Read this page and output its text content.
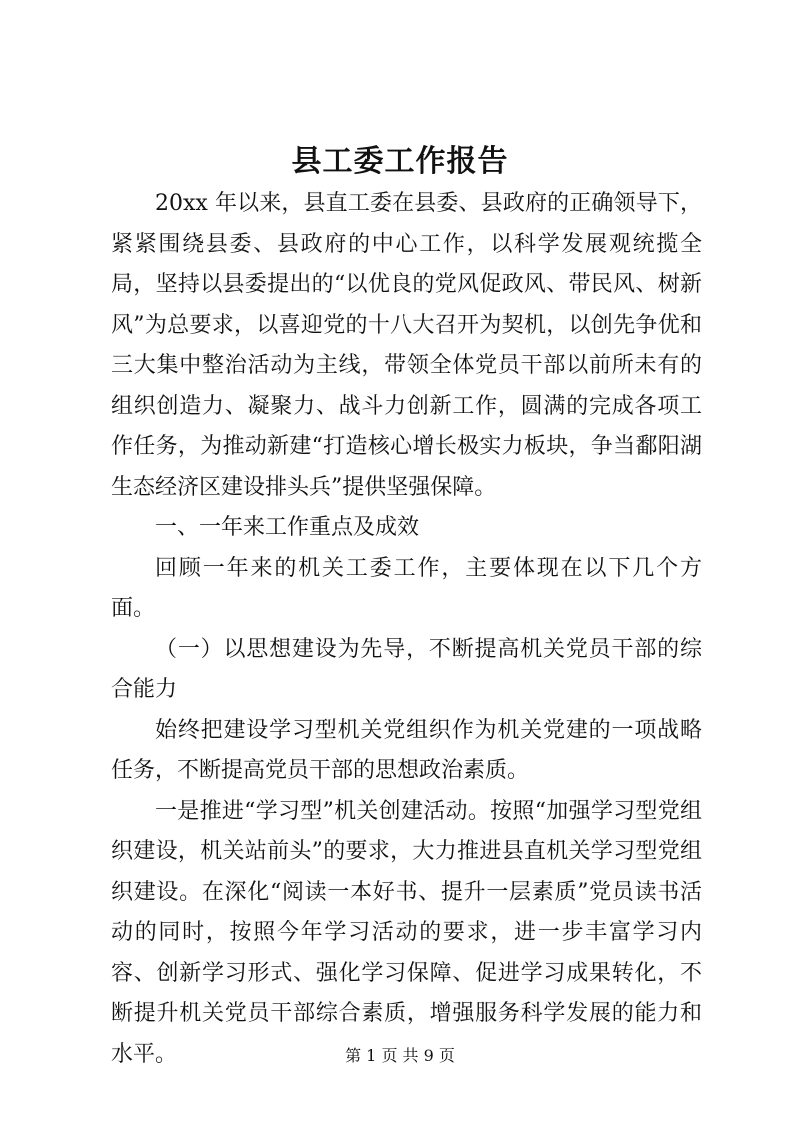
县工委工作报告

20xx 年以来，县直工委在县委、县政府的正确领导下，紧紧围绕县委、县政府的中心工作，以科学发展观统揽全局，坚持以县委提出的“以优良的党风促政风、带民风、树新风”为总要求，以喜迎党的十八大召开为契机，以创先争优和三大集中整治活动为主线，带领全体党员干部以前所未有的组织创造力、凝聚力、战斗力创新工作，圆满的完成各项工作任务，为推动新建“打造核心增长极实力板块，争当鄱阳湖生态经济区建设排头兵”提供坚强保障。

一、一年来工作重点及成效

回顾一年来的机关工委工作，主要体现在以下几个方面。

（一）以思想建设为先导，不断提高机关党员干部的综合能力

始终把建设学习型机关党组织作为机关党建的一项战略任务，不断提高党员干部的思想政治素质。

一是推进“学习型”机关创建活动。按照“加强学习型党组织建设，机关站前头”的要求，大力推进县直机关学习型党组织建设。在深化“阅读一本好书、提升一层素质”党员读书活动的同时，按照今年学习活动的要求，进一步丰富学习内容、创新学习形式、强化学习保障、促进学习成果转化，不断提升机关党员干部综合素质，增强服务科学发展的能力和水平。	第 1 页 共 9 页
